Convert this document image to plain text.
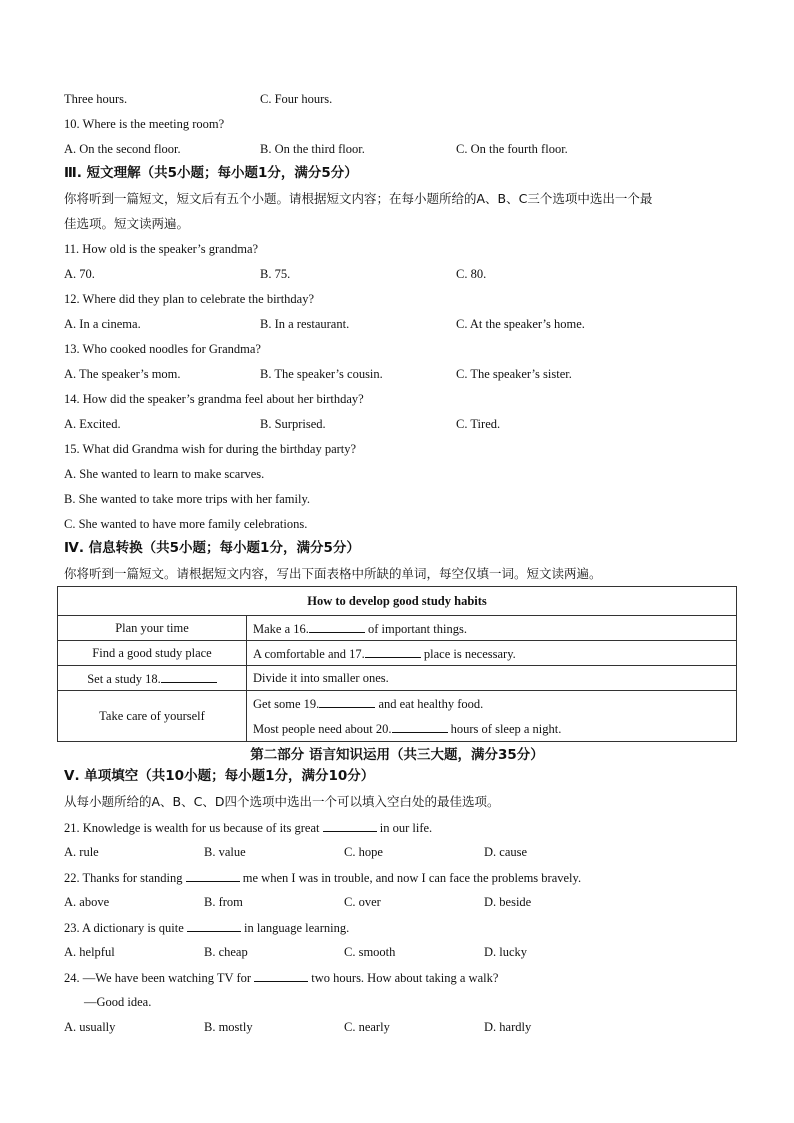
Three hours.	C. Four hours.
10. Where is the meeting room?
A. On the second floor.	B. On the third floor.	C. On the fourth floor.
Ⅲ. 短文理解（共5小题；每小题1分，满分5分）
你将听到一篇短文，短文后有五个小题。请根据短文内容；在每小题所给的A、B、C三个选项中选出一个最
佳选项。短文读两遍。
11. How old is the speaker’s grandma?
A. 70.	B. 75.	C. 80.
12. Where did they plan to celebrate the birthday?
A. In a cinema.	B. In a restaurant.	C. At the speaker’s home.
13. Who cooked noodles for Grandma?
A. The speaker’s mom.	B. The speaker’s cousin.	C. The speaker’s sister.
14. How did the speaker’s grandma feel about her birthday?
A. Excited.	B. Surprised.	C. Tired.
15. What did Grandma wish for during the birthday party?
A. She wanted to learn to make scarves.
B. She wanted to take more trips with her family.
C. She wanted to have more family celebrations.
Ⅳ. 信息转换（共5小题；每小题1分，满分5分）
你将听到一篇短文。请根据短文内容，写出下面表格中所缺的单词，每空仅填一词。短文读两遍。
How to develop good study habits	
Plan your time	Make a 16. of important things.
Find a good study place	A comfortable and 17. place is necessary.
Set a study 18.	Divide it into smaller ones.
Take care of yourself	Get some 19. and eat healthy food.
	Most people need about 20. hours of sleep a night.
第二部分 语言知识运用（共三大题，满分35分）
Ⅴ. 单项填空（共10小题；每小题1分，满分10分）
从每小题所给的A、B、C、D四个选项中选出一个可以填入空白处的最佳选项。
21. Knowledge is wealth for us because of its great	in our life.
A. rule	B. value	C. hope	D. cause
22. Thanks for standing	me when I was in trouble, and now I can face the problems bravely.
A. above	B. from	C. over	D. beside
23. A dictionary is quite	in language learning.
A. helpful	B. cheap	C. smooth	D. lucky
24. —We have been watching TV for	two hours. How about taking a walk?
—Good idea.
A. usually	B. mostly	C. nearly	D. hardly
